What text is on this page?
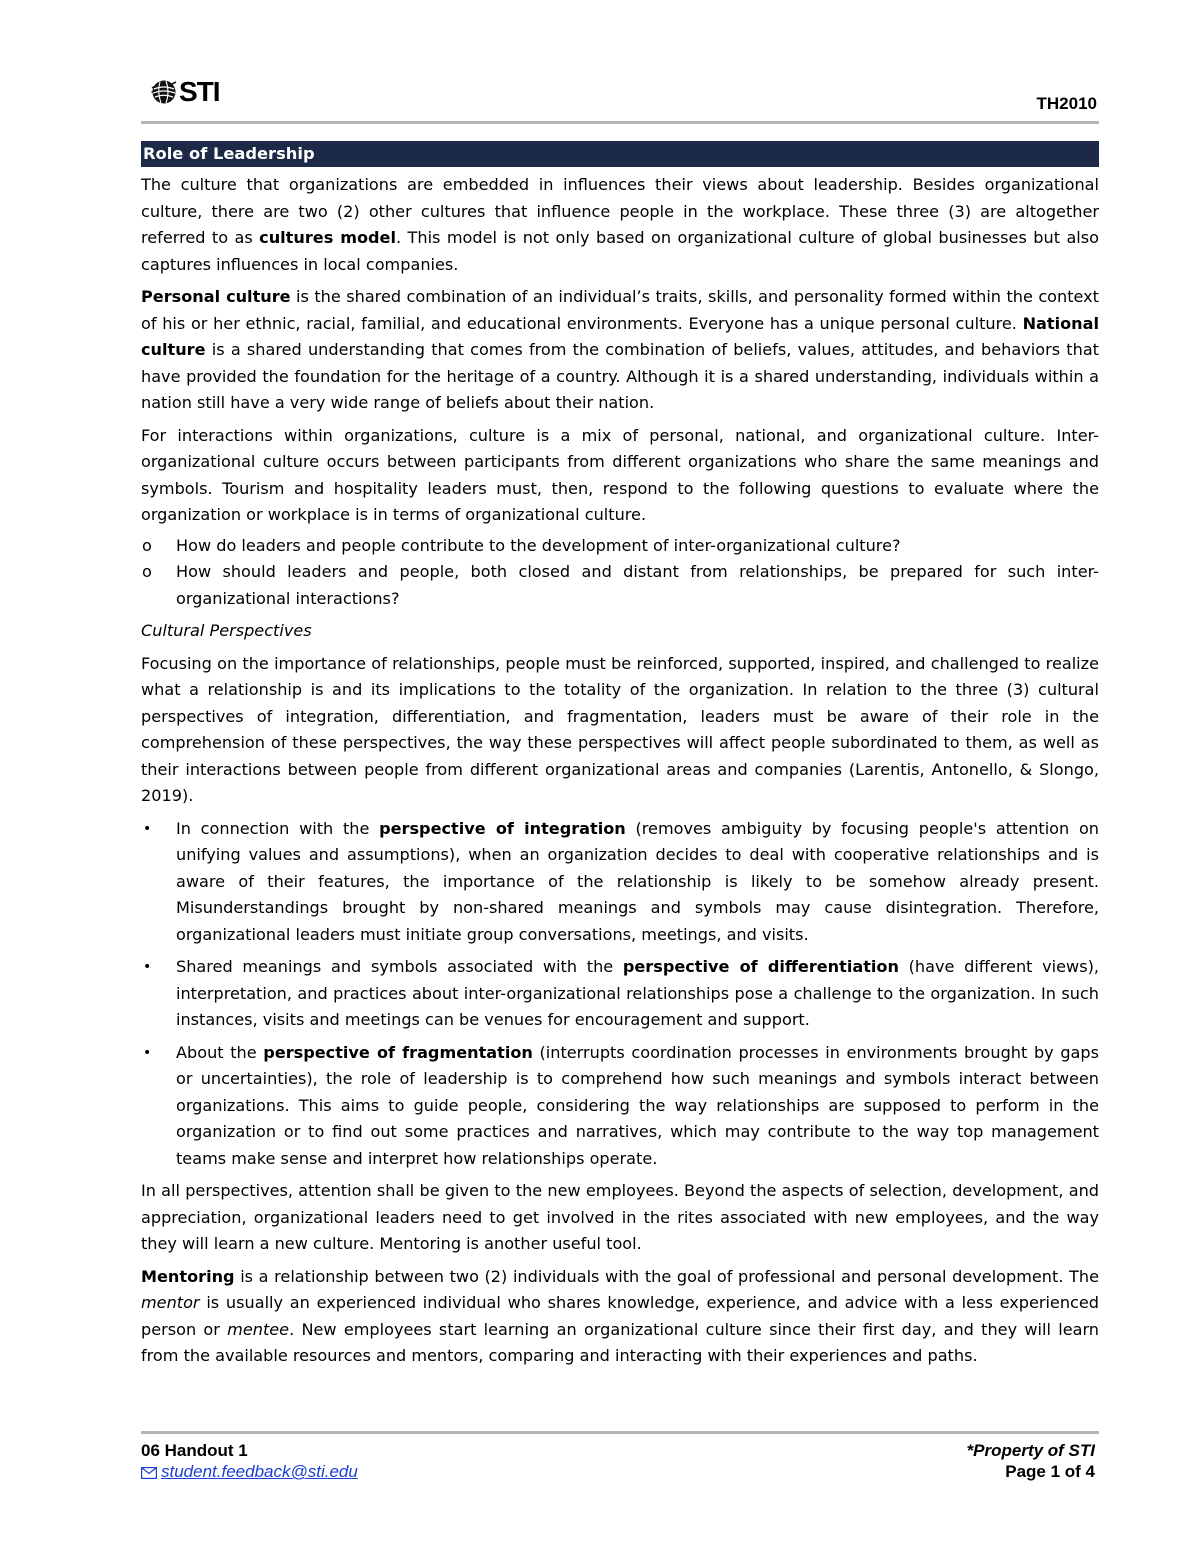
STI	TH2010
Role of Leadership

The culture that organizations are embedded in influences their views about leadership. Besides organizational culture, there are two (2) other cultures that influence people in the workplace. These three (3) are altogether referred to as cultures model. This model is not only based on organizational culture of global businesses but also captures influences in local companies.

Personal culture is the shared combination of an individual’s traits, skills, and personality formed within the context of his or her ethnic, racial, familial, and educational environments. Everyone has a unique personal culture. National culture is a shared understanding that comes from the combination of beliefs, values, attitudes, and behaviors that have provided the foundation for the heritage of a country. Although it is a shared understanding, individuals within a nation still have a very wide range of beliefs about their nation.

For interactions within organizations, culture is a mix of personal, national, and organizational culture. Inter-organizational culture occurs between participants from different organizations who share the same meanings and symbols. Tourism and hospitality leaders must, then, respond to the following questions to evaluate where the organization or workplace is in terms of organizational culture.

o How do leaders and people contribute to the development of inter-organizational culture?
o How should leaders and people, both closed and distant from relationships, be prepared for such inter-organizational interactions?

Cultural Perspectives

Focusing on the importance of relationships, people must be reinforced, supported, inspired, and challenged to realize what a relationship is and its implications to the totality of the organization. In relation to the three (3) cultural perspectives of integration, differentiation, and fragmentation, leaders must be aware of their role in the comprehension of these perspectives, the way these perspectives will affect people subordinated to them, as well as their interactions between people from different organizational areas and companies (Larentis, Antonello, & Slongo, 2019).

• In connection with the perspective of integration (removes ambiguity by focusing people's attention on unifying values and assumptions), when an organization decides to deal with cooperative relationships and is aware of their features, the importance of the relationship is likely to be somehow already present. Misunderstandings brought by non-shared meanings and symbols may cause disintegration. Therefore, organizational leaders must initiate group conversations, meetings, and visits.
• Shared meanings and symbols associated with the perspective of differentiation (have different views), interpretation, and practices about inter-organizational relationships pose a challenge to the organization. In such instances, visits and meetings can be venues for encouragement and support.
• About the perspective of fragmentation (interrupts coordination processes in environments brought by gaps or uncertainties), the role of leadership is to comprehend how such meanings and symbols interact between organizations. This aims to guide people, considering the way relationships are supposed to perform in the organization or to find out some practices and narratives, which may contribute to the way top management teams make sense and interpret how relationships operate.

In all perspectives, attention shall be given to the new employees. Beyond the aspects of selection, development, and appreciation, organizational leaders need to get involved in the rites associated with new employees, and the way they will learn a new culture. Mentoring is another useful tool.

Mentoring is a relationship between two (2) individuals with the goal of professional and personal development. The mentor is usually an experienced individual who shares knowledge, experience, and advice with a less experienced person or mentee. New employees start learning an organizational culture since their first day, and they will learn from the available resources and mentors, comparing and interacting with their experiences and paths.

06 Handout 1
student.feedback@sti.edu
*Property of STI
Page 1 of 4
